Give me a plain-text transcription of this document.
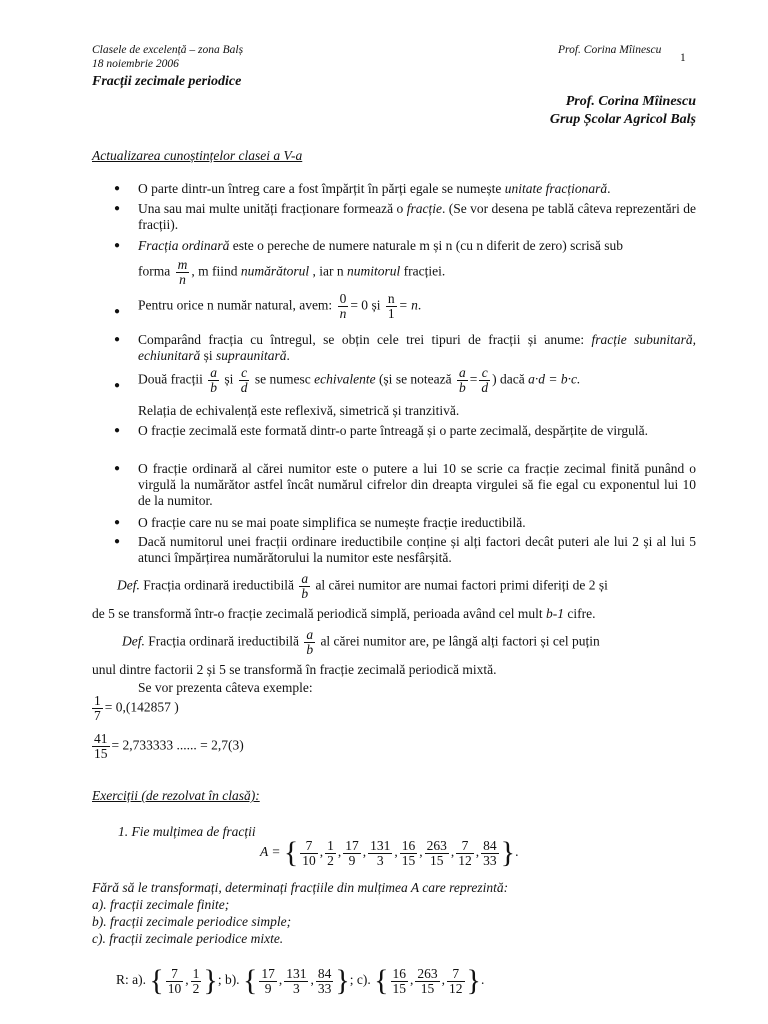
Clasele de excelență – zona Balș
18 noiembrie 2006
Fracții zecimale periodice
Prof. Corina Mîinescu
1
Prof. Corina Mîinescu
Grup Școlar Agricol Balș
Actualizarea cunoștințelor clasei a V-a
● O parte dintr-un întreg care a fost împărțit în părți egale se numește unitate fracționară.
● Una sau mai multe unități fracționare formează o fracție. (Se vor desena pe tablă câteva reprezentări de fracții).
● Fracția ordinară este o pereche de numere naturale m și n (cu n diferit de zero) scrisă sub
forma $\frac{m}{n}$ , m fiind numărătorul , iar n numitorul fracției.
● Pentru orice n număr natural, avem: $\frac{0}{n} = 0$ și $\frac{n}{1} = n$.
● Comparând fracția cu întregul, se obțin cele trei tipuri de fracții și anume: fracție subunitară, echiunitară și supraunitară.
● Două fracții $\frac{a}{b}$ și $\frac{c}{d}$ se numesc echivalente (și se notează $\frac{a}{b} = \frac{c}{d}$ ) dacă a·d = b·c.
Relația de echivalență este reflexivă, simetrică și tranzitivă.
● O fracție zecimală este formată dintr-o parte întreagă și o parte zecimală, despărțite de virgulă.
● O fracție ordinară al cărei numitor este o putere a lui 10 se scrie ca fracție zecimal finită punând o virgulă la numărător astfel încât numărul cifrelor din dreapta virgulei să fie egal cu exponentul lui 10 de la numitor.
● O fracție care nu se mai poate simplifica se numește fracție ireductibilă.
● Dacă numitorul unei fracții ordinare ireductibile conține și alți factori decât puteri ale lui 2 și al lui 5 atunci împărțirea numărătorului la numitor este nesfârșită.
Def. Fracția ordinară ireductibilă $\frac{a}{b}$ al cărei numitor are numai factori primi diferiți de 2 și
de 5 se transformă într-o fracție zecimală periodică simplă, perioada având cel mult b-1 cifre.
Def. Fracția ordinară ireductibilă $\frac{a}{b}$ al cărei numitor are, pe lângă alți factori și cel puțin
unul dintre factorii 2 și 5 se transformă în fracție zecimală periodică mixtă.
Se vor prezenta câteva exemple:
$\frac{1}{7} = 0,(142857$ )
$\frac{41}{15} = 2,733333$ ...... = 2,7(3)
Exerciții (de rezolvat în clasă):
1. Fie mulțimea de fracții
A = { $\frac{7}{10}$ , $\frac{1}{2}$ , $\frac{17}{9}$ , $\frac{131}{3}$ , $\frac{16}{15}$ , $\frac{263}{15}$ , $\frac{7}{12}$ , $\frac{84}{33}$ }.
Fără să le transformați, determinați fracțiile din mulțimea A care reprezintă:
a). fracții zecimale finite;
b). fracții zecimale periodice simple;
c). fracții zecimale periodice mixte.
R: a). { $\frac{7}{10}$ , $\frac{1}{2}$ }; b). { $\frac{17}{9}$ , $\frac{131}{3}$ , $\frac{84}{33}$ }; c). { $\frac{16}{15}$ , $\frac{263}{15}$ , $\frac{7}{12}$ }.
